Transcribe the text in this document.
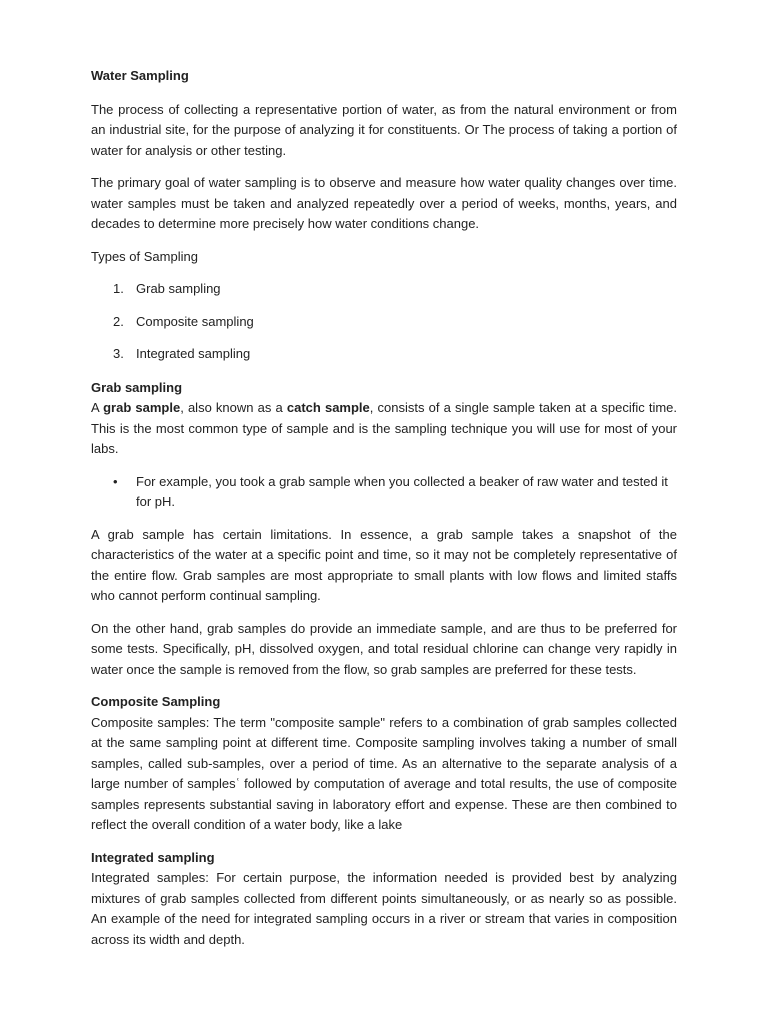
Water Sampling

The process of collecting a representative portion of water, as from the natural environment or from an industrial site, for the purpose of analyzing it for constituents. Or The process of taking a portion of water for analysis or other testing.

The primary goal of water sampling is to observe and measure how water quality changes over time. water samples must be taken and analyzed repeatedly over a period of weeks, months, years, and decades to determine more precisely how water conditions change.

Types of Sampling

1. Grab sampling
2. Composite sampling
3. Integrated sampling
Grab sampling

A grab sample, also known as a catch sample, consists of a single sample taken at a specific time. This is the most common type of sample and is the sampling technique you will use for most of your labs.

•	For example, you took a grab sample when you collected a beaker of raw water and tested it for pH.

A grab sample has certain limitations. In essence, a grab sample takes a snapshot of the characteristics of the water at a specific point and time, so it may not be completely representative of the entire flow. Grab samples are most appropriate to small plants with low flows and limited staffs who cannot perform continual sampling.

On the other hand, grab samples do provide an immediate sample, and are thus to be preferred for some tests. Specifically, pH, dissolved oxygen, and total residual chlorine can change very rapidly in water once the sample is removed from the flow, so grab samples are preferred for these tests.

Composite Sampling

Composite samples: The term "composite sample" refers to a combination of grab samples collected at the same sampling point at different time. Composite sampling involves taking a number of small samples, called sub-samples, over a period of time. As an alternative to the separate analysis of a large number of samplesʿ followed by computation of average and total results, the use of composite samples represents substantial saving in laboratory effort and expense. These are then combined to reflect the overall condition of a water body, like a lake

Integrated sampling

Integrated samples: For certain purpose, the information needed is provided best by analyzing mixtures of grab samples collected from different points simultaneously, or as nearly so as possible. An example of the need for integrated sampling occurs in a river or stream that varies in composition across its width and depth.
